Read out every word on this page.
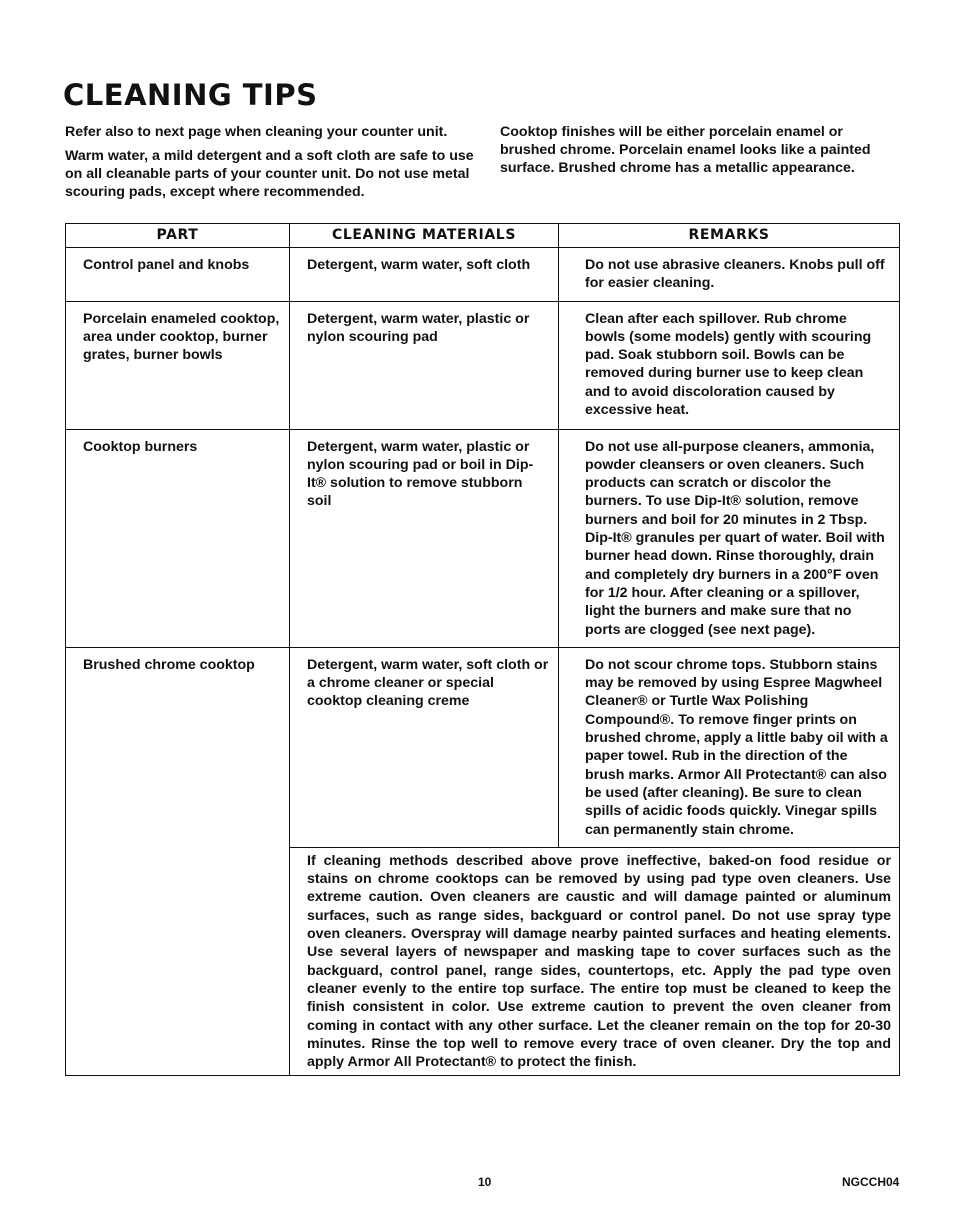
CLEANING TIPS

Refer also to next page when cleaning your counter unit.

Warm water, a mild detergent and a soft cloth are safe to use on all cleanable parts of your counter unit. Do not use metal scouring pads, except where recommended.

Cooktop finishes will be either porcelain enamel or brushed chrome. Porcelain enamel looks like a painted surface. Brushed chrome has a metallic appearance.

PART	CLEANING MATERIALS	REMARKS
Control panel and knobs	Detergent, warm water, soft cloth	Do not use abrasive cleaners. Knobs pull off for easier cleaning.
Porcelain enameled cooktop, area under cooktop, burner grates, burner bowls	Detergent, warm water, plastic or nylon scouring pad	Clean after each spillover. Rub chrome bowls (some models) gently with scouring pad. Soak stubborn soil. Bowls can be removed during burner use to keep clean and to avoid discoloration caused by excessive heat.
Cooktop burners	Detergent, warm water, plastic or nylon scouring pad or boil in Dip-It® solution to remove stubborn soil	Do not use all-purpose cleaners, ammonia, powder cleansers or oven cleaners. Such products can scratch or discolor the burners. To use Dip-It® solution, remove burners and boil for 20 minutes in 2 Tbsp. Dip-It® granules per quart of water. Boil with burner head down. Rinse thoroughly, drain and completely dry burners in a 200°F oven for 1/2 hour. After cleaning or a spillover, light the burners and make sure that no ports are clogged (see next page).
Brushed chrome cooktop	Detergent, warm water, soft cloth or a chrome cleaner or special cooktop cleaning creme	Do not scour chrome tops. Stubborn stains may be removed by using Espree Magwheel Cleaner® or Turtle Wax Polishing Compound®. To remove finger prints on brushed chrome, apply a little baby oil with a paper towel. Rub in the direction of the brush marks. Armor All Protectant® can also be used (after cleaning). Be sure to clean spills of acidic foods quickly. Vinegar spills can permanently stain chrome.
	If cleaning methods described above prove ineffective, baked-on food residue or stains on chrome cooktops can be removed by using pad type oven cleaners. Use extreme caution. Oven cleaners are caustic and will damage painted or aluminum surfaces, such as range sides, backguard or control panel. Do not use spray type oven cleaners. Overspray will damage nearby painted surfaces and heating elements. Use several layers of newspaper and masking tape to cover surfaces such as the backguard, control panel, range sides, countertops, etc. Apply the pad type oven cleaner evenly to the entire top surface. The entire top must be cleaned to keep the finish consistent in color. Use extreme caution to prevent the oven cleaner from coming in contact with any other surface. Let the cleaner remain on the top for 20-30 minutes. Rinse the top well to remove every trace of oven cleaner. Dry the top and apply Armor All Protectant® to protect the finish.	
10	NGCCH04
